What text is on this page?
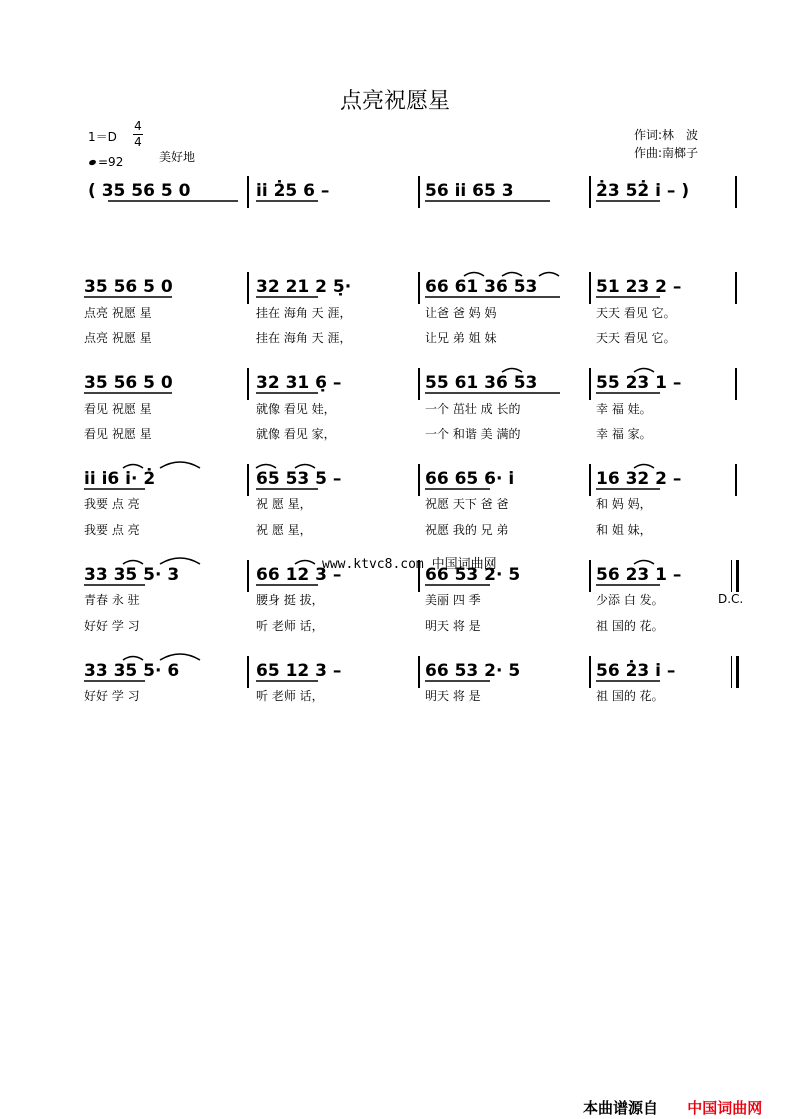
点亮祝愿星
1＝D
4
4
=92	美好地
作词:林　波
作曲:南榔子
( 35 56 5 0	i̇i̇ 2̇5 6 –	56 i̇i̇ 65 3	2̇3 52̇ i̇ – )
35 56 5 0	32 21 2 5̣·	66 61 36 53	51 23 2 –
点亮 祝愿 星	挂在 海角 天 涯，	让爸 爸 妈 妈	天天 看见 它。
点亮 祝愿 星	挂在 海角 天 涯，	让兄 弟 姐 妹	天天 看见 它。
35 56 5 0	32 31 6̣ –	55 61 36 53	55 23 1 –
看见 祝愿 星	就像 看见 娃，	一个 茁壮 成 长的	幸 福 娃。
看见 祝愿 星	就像 看见 家，	一个 和谐 美 满的	幸 福 家。
i̇i̇ i̇6 i̇· 2̇	65 53 5 –	66 65 6· i̇	16 32 2 –
我要 点 亮	祝 愿 星，	祝愿 天下 爸 爸	和 妈 妈，
我要 点 亮	祝 愿 星，	祝愿 我的 兄 弟	和 姐 妹，
33 35 5· 3	66 12 3 –	66 53 2· 5	56 23 1 –
D.C.
青春 永 驻	腰身 挺 拔，	美丽 四 季	少添 白 发。
好好 学 习	听 老师 话，	明天 将 是	祖 国的 花。
33 35 5· 6	65 12 3 –	66 53 2· 5	56 2̇3 i̇ –
好好 学 习	听 老师 话，	明天 将 是	祖 国的 花。
www.ktvc8.com 中国词曲网
本曲谱源自 中国词曲网
